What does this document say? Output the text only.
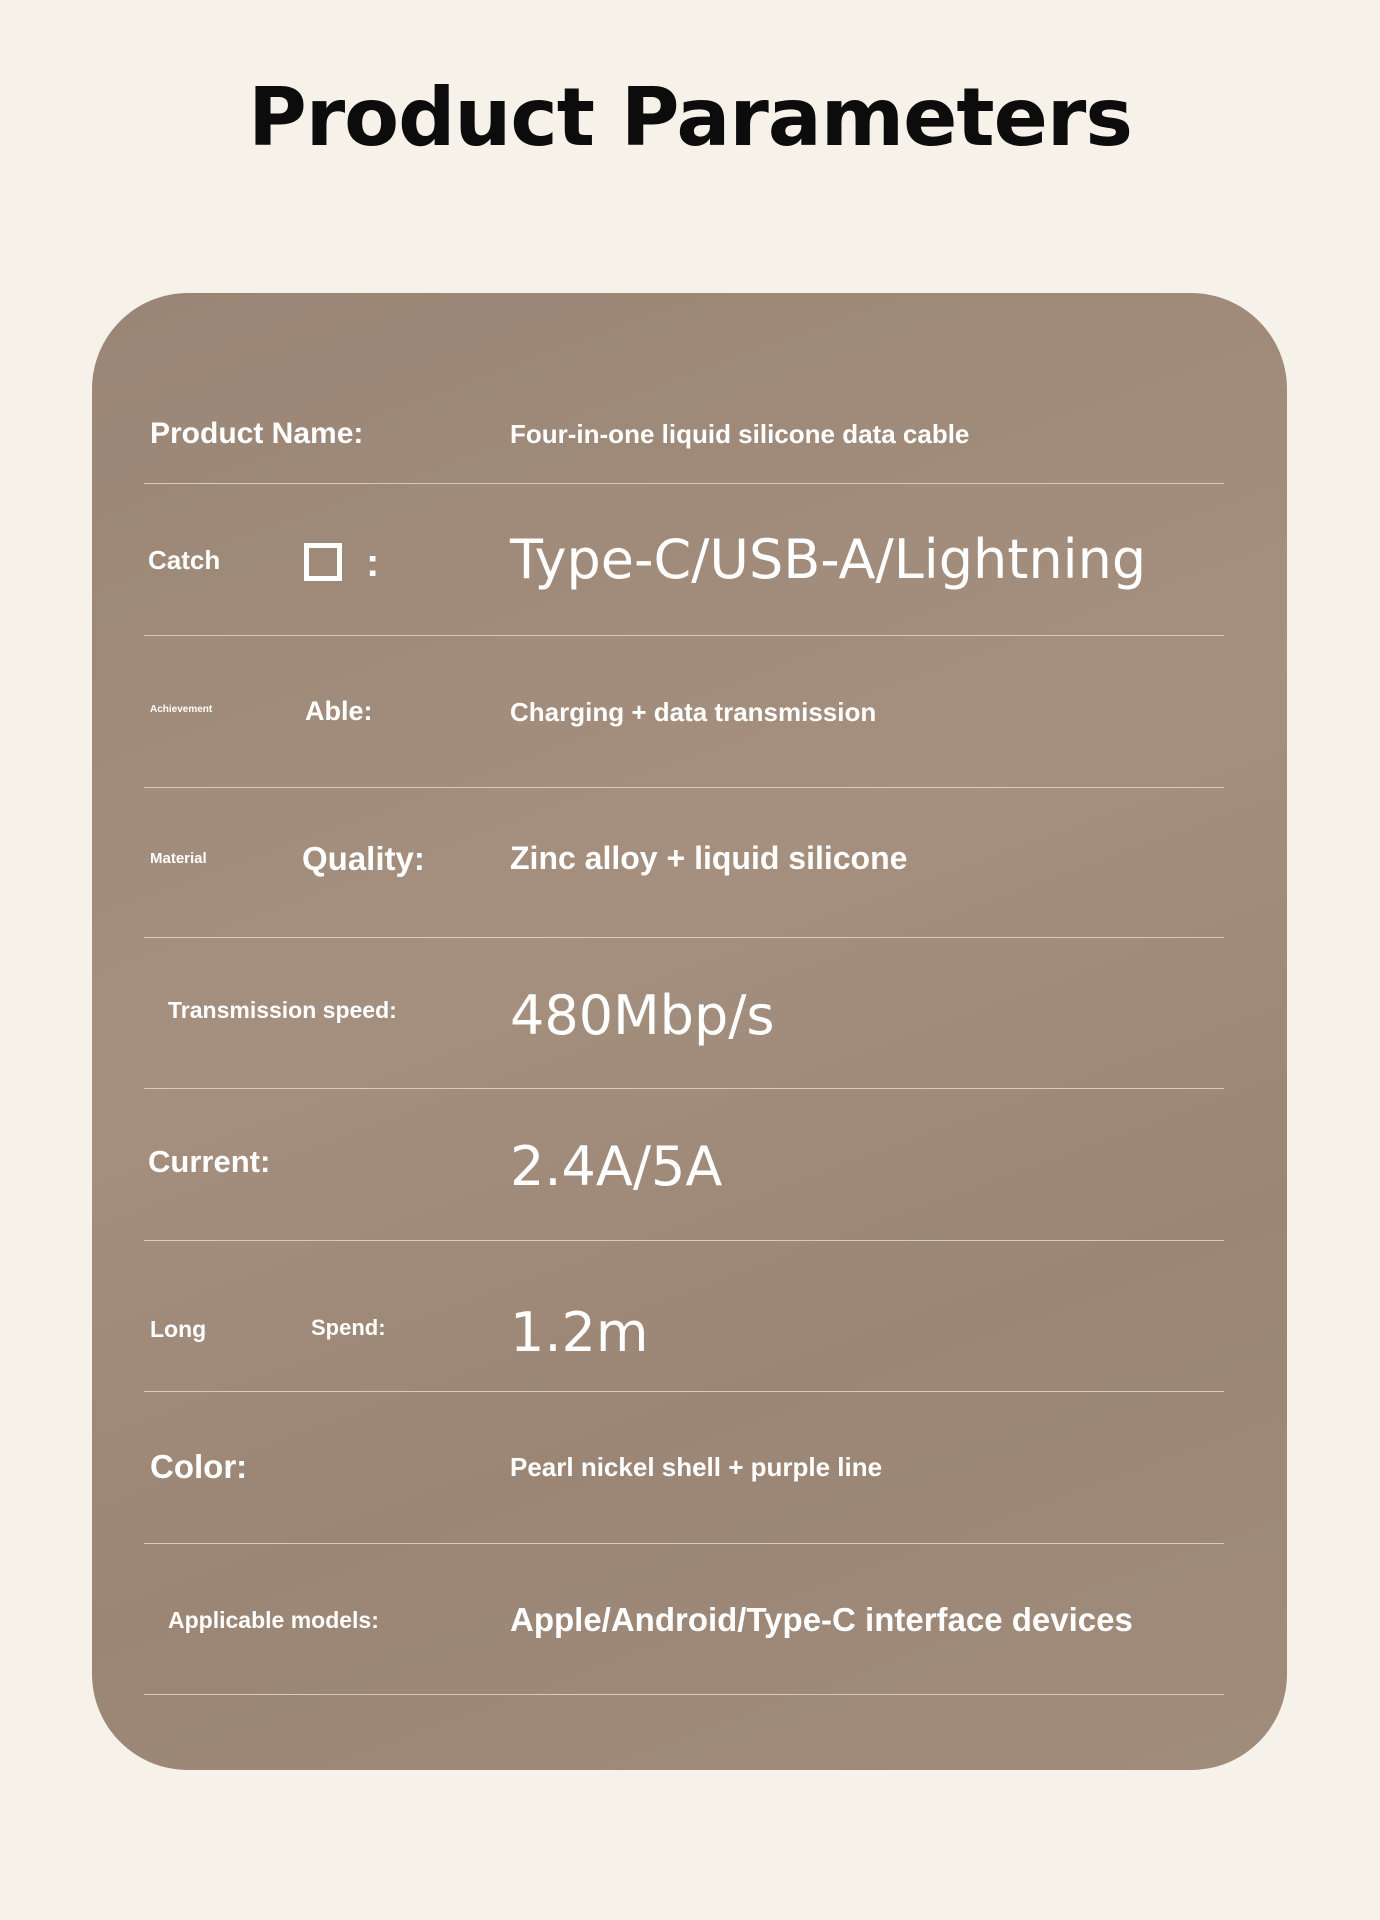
Product Parameters
Product Name:	Four-in-one liquid silicone data cable
Catch	: Type-C/USB-A/Lightning
Achievement	Able:	Charging + data transmission
Material	Quality:	Zinc alloy + liquid silicone
Transmission speed: 480Mbp/s
Current:	2.4A/5A
Long	Spend: 1.2m
Color:	Pearl nickel shell + purple line
Applicable models:	Apple/Android/Type-C interface devices
